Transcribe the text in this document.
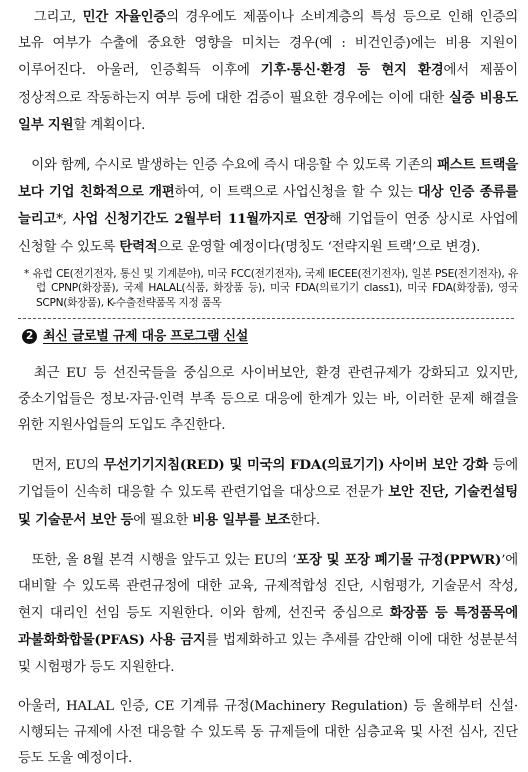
　그리고, 민간 자율인증의 경우에도 제품이나 소비계층의 특성 등으로 인해 인증의 보유 여부가 수출에 중요한 영향을 미치는 경우(예 : 비건인증)에는 비용 지원이 이루어진다. 아울러, 인증획득 이후에 기후·통신·환경 등 현지 환경에서 제품이 정상적으로 작동하는지 여부 등에 대한 검증이 필요한 경우에는 이에 대한 실증 비용도 일부 지원할 계획이다.

　이와 함께, 수시로 발생하는 인증 수요에 즉시 대응할 수 있도록 기존의 패스트 트랙을 보다 기업 친화적으로 개편하여, 이 트랙으로 사업신청을 할 수 있는 대상 인증 종류를 늘리고*, 사업 신청기간도 2월부터 11월까지로 연장해 기업들이 연중 상시로 사업에 신청할 수 있도록 탄력적으로 운영할 예정이다(명칭도 ‘전략지원 트랙’으로 변경).

* 유럽 CE(전기전자, 통신 및 기계분야), 미국 FCC(전기전자), 국제 IECEE(전기전자), 일본 PSE(전기전자), 유럽 CPNP(화장품), 국제 HALAL(식품, 화장품 등), 미국 FDA(의료기기 class1), 미국 FDA(화장품), 영국 SCPN(화장품), K-수출전략품목 지정 품목

2 최신 글로벌 규제 대응 프로그램 신설

　최근 EU 등 선진국들을 중심으로 사이버보안, 환경 관련규제가 강화되고 있지만, 중소기업들은 정보·자금·인력 부족 등으로 대응에 한계가 있는 바, 이러한 문제 해결을 위한 지원사업들의 도입도 추진한다.

　먼저, EU의 무선기기지침(RED) 및 미국의 FDA(의료기기) 사이버 보안 강화 등에 기업들이 신속히 대응할 수 있도록 관련기업을 대상으로 전문가 보안 진단, 기술컨설팅 및 기술문서 보안 등에 필요한 비용 일부를 보조한다.

　또한, 올 8월 본격 시행을 앞두고 있는 EU의 ‘포장 및 포장 폐기물 규정(PPWR)’에 대비할 수 있도록 관련규정에 대한 교육, 규제적합성 진단, 시험평가, 기술문서 작성, 현지 대리인 선임 등도 지원한다. 이와 함께, 선진국 중심으로 화장품 등 특정품목에 과불화화합물(PFAS) 사용 금지를 법제화하고 있는 추세를 감안해 이에 대한 성분분석 및 시험평가 등도 지원한다.

아울러, HALAL 인증, CE 기계류 규정(Machinery Regulation) 등 올해부터 신설·시행되는 규제에 사전 대응할 수 있도록 동 규제들에 대한 심층교육 및 사전 심사, 진단 등도 도울 예정이다.
